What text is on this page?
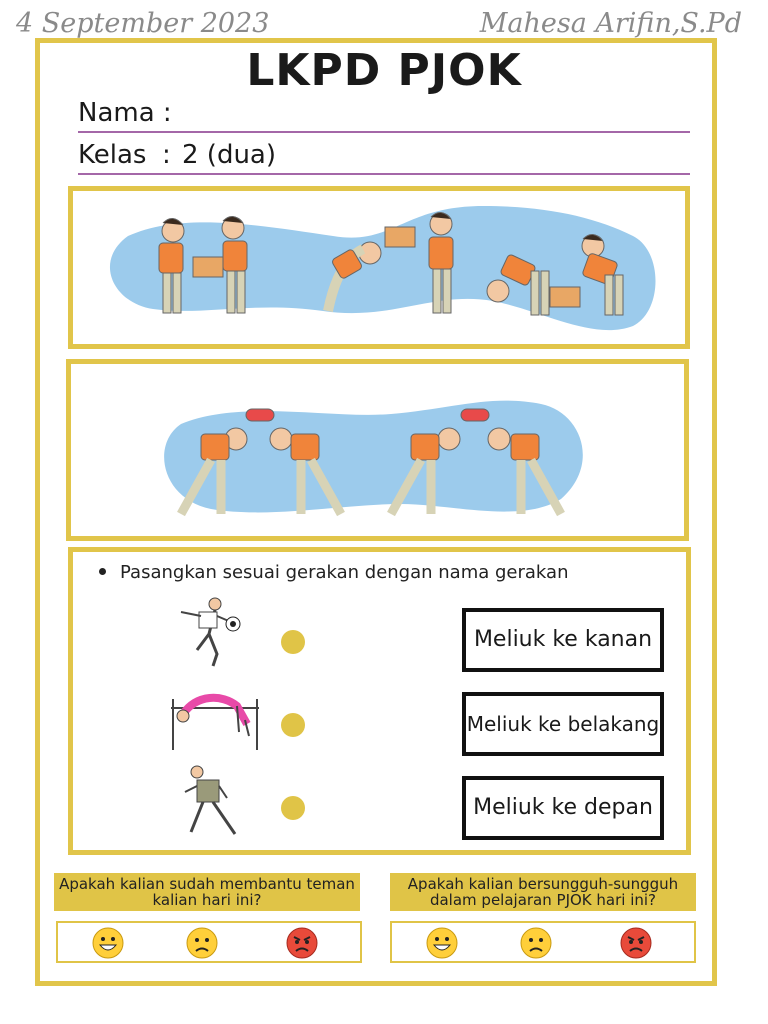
4 September 2023	Mahesa Arifin,S.Pd
LKPD PJOK
Nama :
Kelas : 2 (dua)
Pasangkan sesuai gerakan dengan nama gerakan
Meliuk ke kanan
Meliuk ke belakang
Meliuk ke depan
Apakah kalian sudah membantu teman kalian hari ini?
Apakah kalian bersungguh-sungguh dalam pelajaran PJOK hari ini?
